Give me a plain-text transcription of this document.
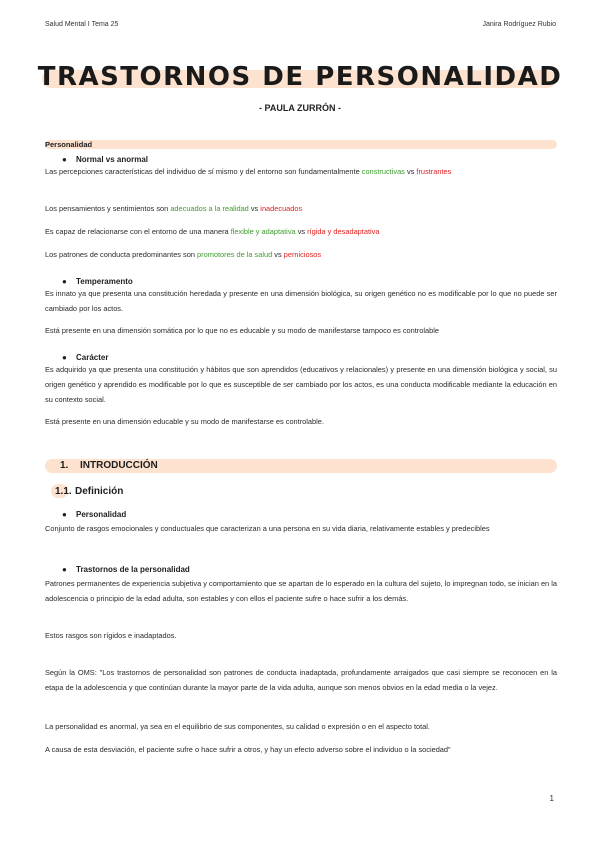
Salud Mental I Tema 25	Janira Rodríguez Rubio
TRASTORNOS DE PERSONALIDAD
- PAULA ZURRÓN -
Personalidad
● Normal vs anormal
Las percepciones características del individuo de sí mismo y del entorno son fundamentalmente constructivas vs frustrantes
Los pensamientos y sentimientos son adecuados a la realidad vs inadecuados
Es capaz de relacionarse con el entorno de una manera flexible y adaptativa vs rígida y desadaptativa
Los patrones de conducta predominantes son promotores de la salud vs perniciosos
● Temperamento
Es innato ya que presenta una constitución heredada y presente en una dimensión biológica, su origen genético no es modificable por lo que no puede ser cambiado por los actos.
Está presente en una dimensión somática por lo que no es educable y su modo de manifestarse tampoco es controlable
● Carácter
Es adquirido ya que presenta una constitución y hábitos que son aprendidos (educativos y relacionales) y presente en una dimensión biológica y social, su origen genético y aprendido es modificable por lo que es susceptible de ser cambiado por los actos, es una conducta modificable mediante la educación en su contexto social.
Está presente en una dimensión educable y su modo de manifestarse es controlable.
1. INTRODUCCIÓN
1.1. Definición
● Personalidad
Conjunto de rasgos emocionales y conductuales que caracterizan a una persona en su vida diaria, relativamente estables y predecibles
● Trastornos de la personalidad
Patrones permanentes de experiencia subjetiva y comportamiento que se apartan de lo esperado en la cultura del sujeto, lo impregnan todo, se inician en la adolescencia o principio de la edad adulta, son estables y con ellos el paciente sufre o hace sufrir a los demás.
Estos rasgos son rígidos e inadaptados.
Según la OMS: "Los trastornos de personalidad son patrones de conducta inadaptada, profundamente arraigados que casi siempre se reconocen en la etapa de la adolescencia y que continúan durante la mayor parte de la vida adulta, aunque son menos obvios en la edad media o la vejez.
La personalidad es anormal, ya sea en el equilibrio de sus componentes, su calidad o expresión o en el aspecto total.
A causa de esta desviación, el paciente sufre o hace sufrir a otros, y hay un efecto adverso sobre el individuo o la sociedad"
1
